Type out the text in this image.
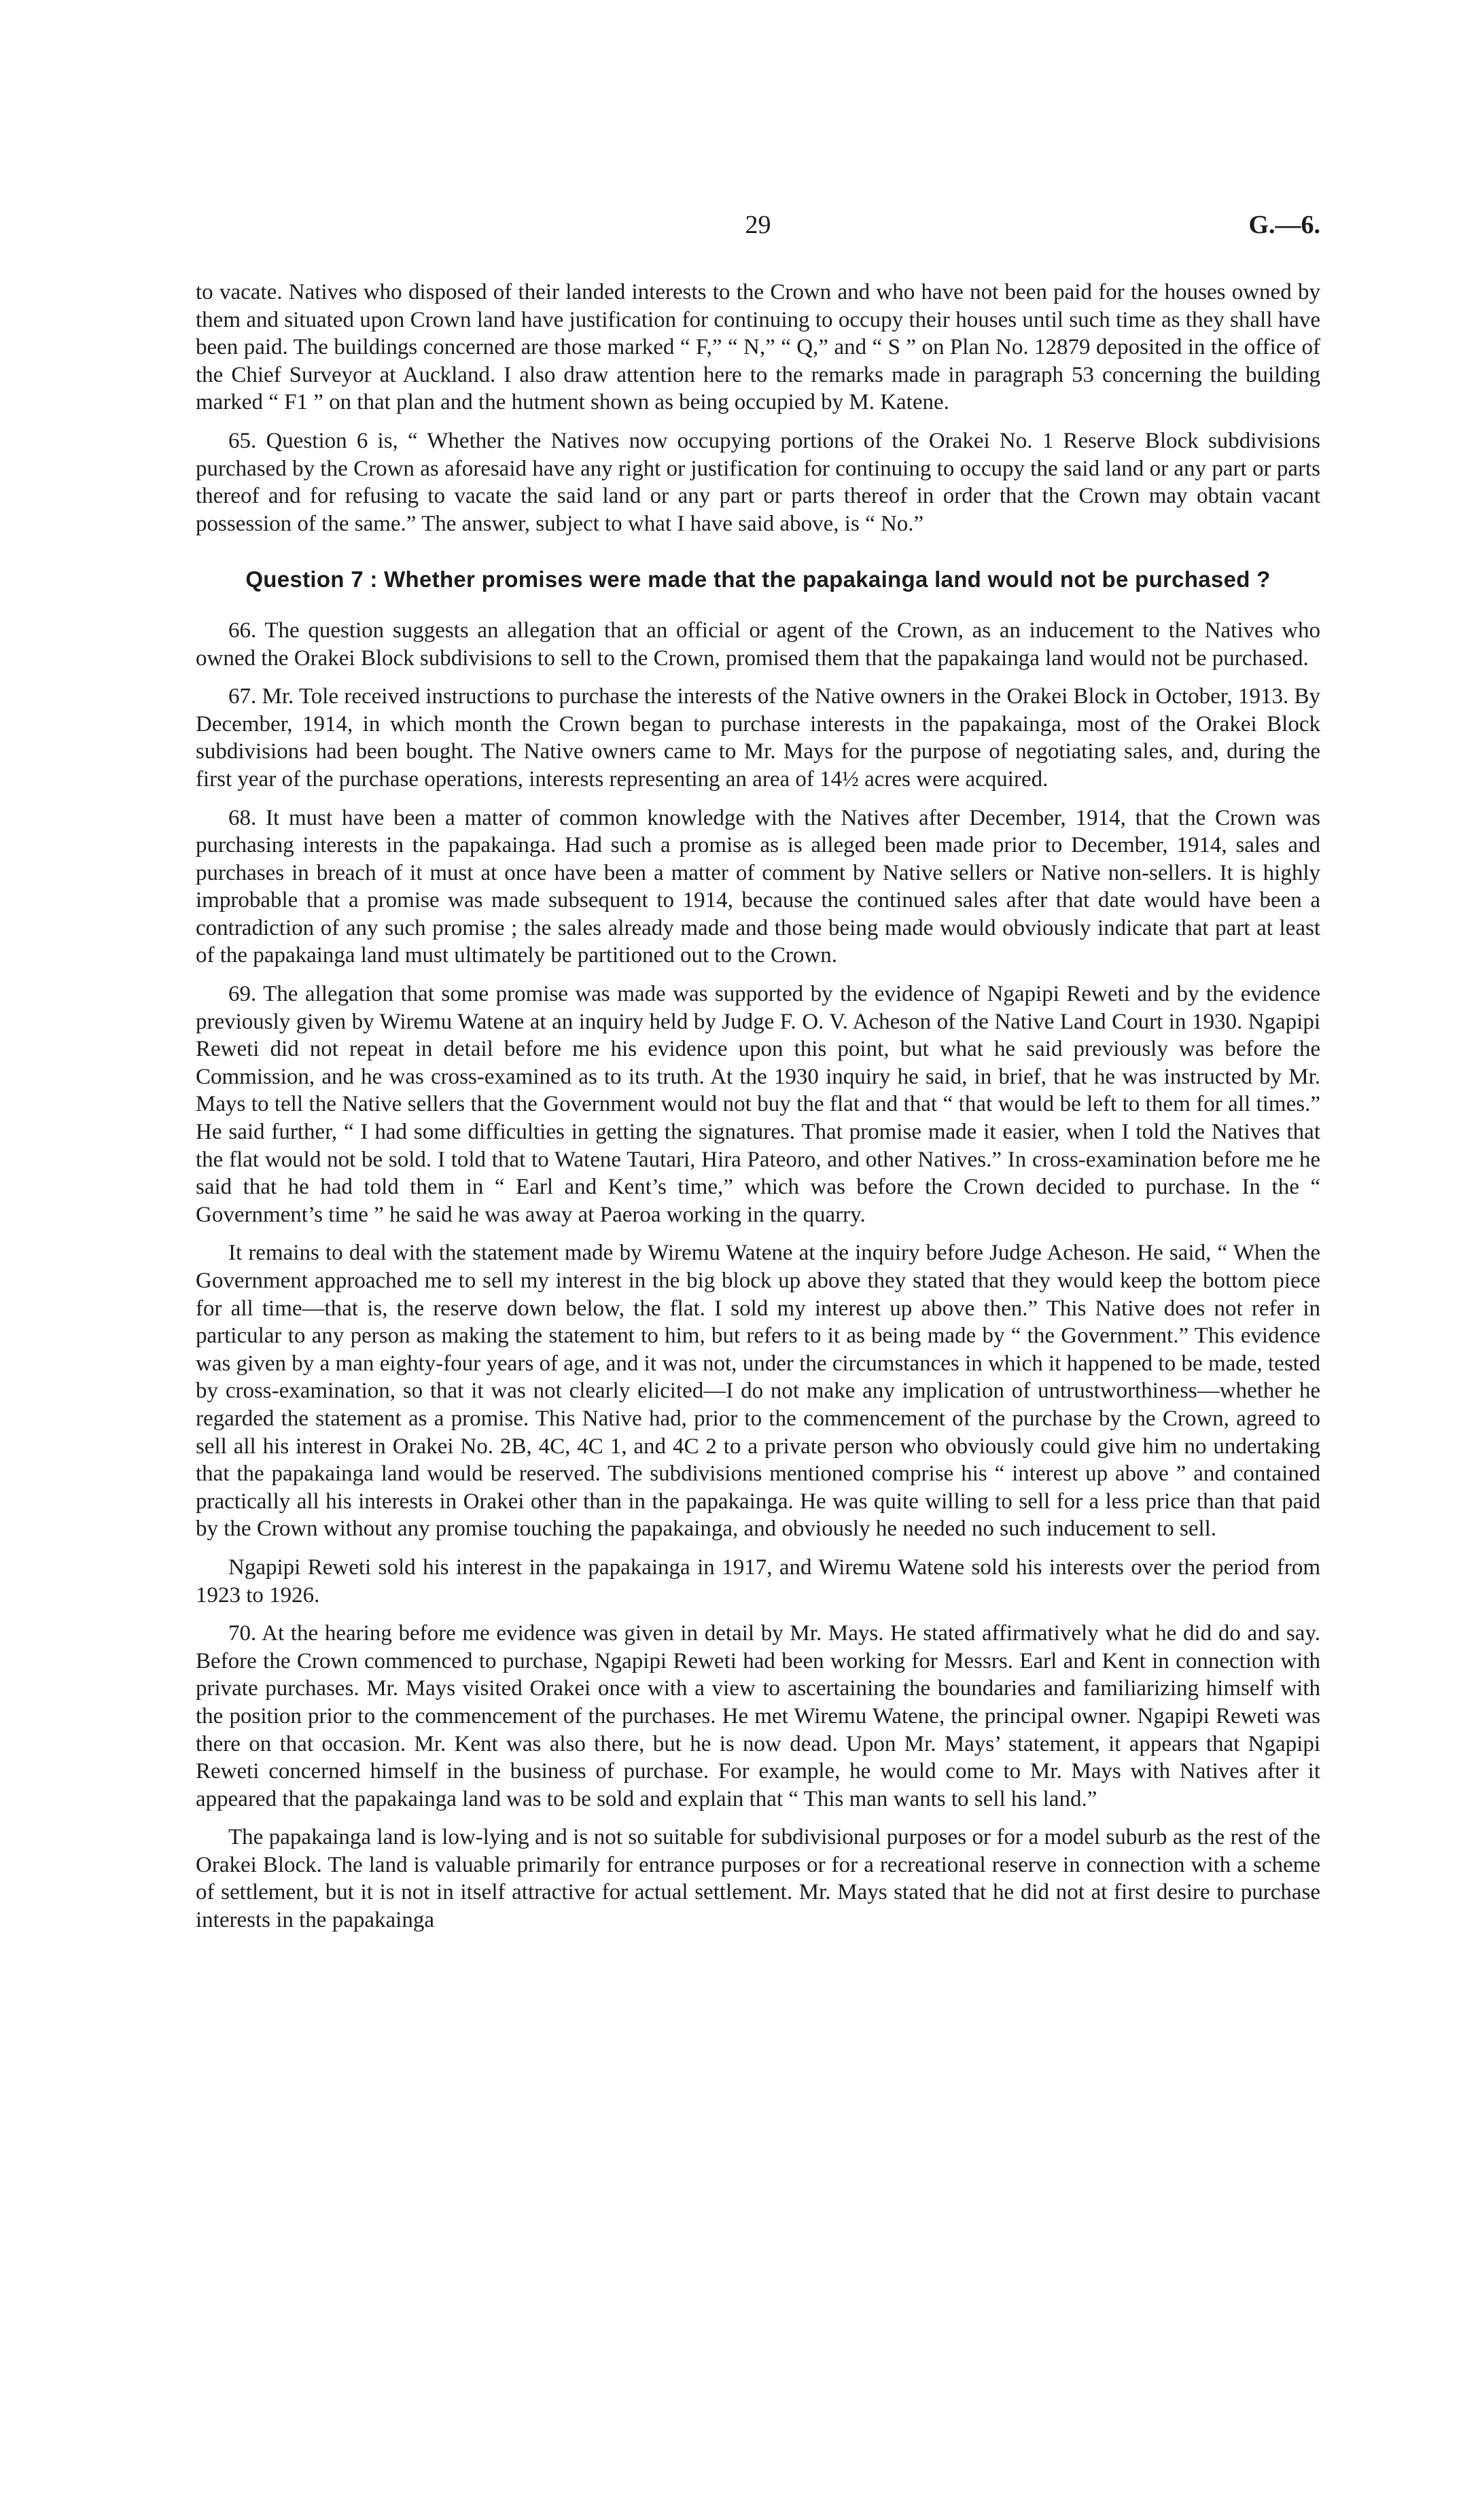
29	G.—6.

to vacate. Natives who disposed of their landed interests to the Crown and who have not been paid for the houses owned by them and situated upon Crown land have justification for continuing to occupy their houses until such time as they shall have been paid. The buildings concerned are those marked “ F,” “ N,” “ Q,” and “ S ” on Plan No. 12879 deposited in the office of the Chief Surveyor at Auckland. I also draw attention here to the remarks made in paragraph 53 concerning the building marked “ F1 ” on that plan and the hutment shown as being occupied by M. Katene.

65. Question 6 is, “ Whether the Natives now occupying portions of the Orakei No. 1 Reserve Block subdivisions purchased by the Crown as aforesaid have any right or justification for continuing to occupy the said land or any part or parts thereof and for refusing to vacate the said land or any part or parts thereof in order that the Crown may obtain vacant possession of the same.” The answer, subject to what I have said above, is “ No.”

Question 7 : Whether promises were made that the papakainga land would not be purchased ?

66. The question suggests an allegation that an official or agent of the Crown, as an inducement to the Natives who owned the Orakei Block subdivisions to sell to the Crown, promised them that the papakainga land would not be purchased.

67. Mr. Tole received instructions to purchase the interests of the Native owners in the Orakei Block in October, 1913. By December, 1914, in which month the Crown began to purchase interests in the papakainga, most of the Orakei Block subdivisions had been bought. The Native owners came to Mr. Mays for the purpose of negotiating sales, and, during the first year of the purchase operations, interests representing an area of 14½ acres were acquired.

68. It must have been a matter of common knowledge with the Natives after December, 1914, that the Crown was purchasing interests in the papakainga. Had such a promise as is alleged been made prior to December, 1914, sales and purchases in breach of it must at once have been a matter of comment by Native sellers or Native non-sellers. It is highly improbable that a promise was made subsequent to 1914, because the continued sales after that date would have been a contradiction of any such promise ; the sales already made and those being made would obviously indicate that part at least of the papakainga land must ultimately be partitioned out to the Crown.

69. The allegation that some promise was made was supported by the evidence of Ngapipi Reweti and by the evidence previously given by Wiremu Watene at an inquiry held by Judge F. O. V. Acheson of the Native Land Court in 1930. Ngapipi Reweti did not repeat in detail before me his evidence upon this point, but what he said previously was before the Commission, and he was cross-examined as to its truth. At the 1930 inquiry he said, in brief, that he was instructed by Mr. Mays to tell the Native sellers that the Government would not buy the flat and that “ that would be left to them for all times.” He said further, “ I had some difficulties in getting the signatures. That promise made it easier, when I told the Natives that the flat would not be sold. I told that to Watene Tautari, Hira Pateoro, and other Natives.” In cross-examination before me he said that he had told them in “ Earl and Kent’s time,” which was before the Crown decided to purchase. In the “ Government’s time ” he said he was away at Paeroa working in the quarry.

It remains to deal with the statement made by Wiremu Watene at the inquiry before Judge Acheson. He said, “ When the Government approached me to sell my interest in the big block up above they stated that they would keep the bottom piece for all time—that is, the reserve down below, the flat. I sold my interest up above then.” This Native does not refer in particular to any person as making the statement to him, but refers to it as being made by “ the Government.” This evidence was given by a man eighty-four years of age, and it was not, under the circumstances in which it happened to be made, tested by cross-examination, so that it was not clearly elicited—I do not make any implication of untrustworthiness—whether he regarded the statement as a promise. This Native had, prior to the commencement of the purchase by the Crown, agreed to sell all his interest in Orakei No. 2B, 4C, 4C 1, and 4C 2 to a private person who obviously could give him no undertaking that the papakainga land would be reserved. The subdivisions mentioned comprise his “ interest up above ” and contained practically all his interests in Orakei other than in the papakainga. He was quite willing to sell for a less price than that paid by the Crown without any promise touching the papakainga, and obviously he needed no such inducement to sell.

Ngapipi Reweti sold his interest in the papakainga in 1917, and Wiremu Watene sold his interests over the period from 1923 to 1926.

70. At the hearing before me evidence was given in detail by Mr. Mays. He stated affirmatively what he did do and say. Before the Crown commenced to purchase, Ngapipi Reweti had been working for Messrs. Earl and Kent in connection with private purchases. Mr. Mays visited Orakei once with a view to ascertaining the boundaries and familiarizing himself with the position prior to the commencement of the purchases. He met Wiremu Watene, the principal owner. Ngapipi Reweti was there on that occasion. Mr. Kent was also there, but he is now dead. Upon Mr. Mays’ statement, it appears that Ngapipi Reweti concerned himself in the business of purchase. For example, he would come to Mr. Mays with Natives after it appeared that the papakainga land was to be sold and explain that “ This man wants to sell his land.”

The papakainga land is low-lying and is not so suitable for subdivisional purposes or for a model suburb as the rest of the Orakei Block. The land is valuable primarily for entrance purposes or for a recreational reserve in connection with a scheme of settlement, but it is not in itself attractive for actual settlement. Mr. Mays stated that he did not at first desire to purchase interests in the papakainga
